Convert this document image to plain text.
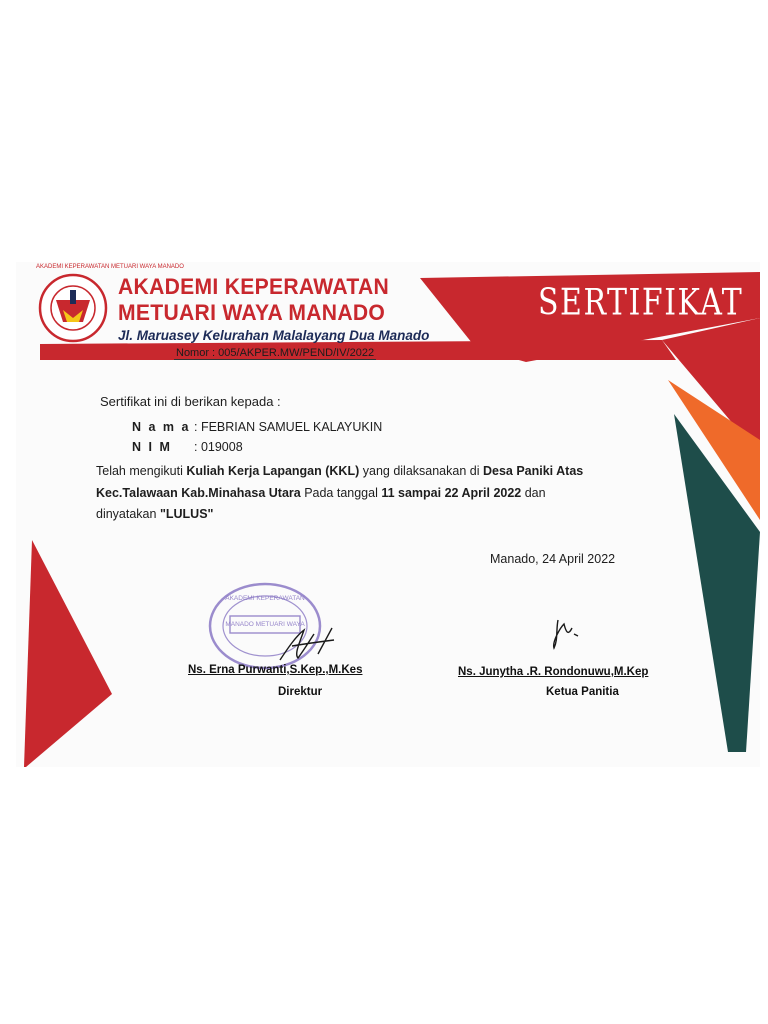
AKADEMI KEPERAWATAN METUARI WAYA MANADO
AKADEMI KEPERAWATAN
METUARI WAYA MANADO
Jl. Maruasey Kelurahan Malalayang Dua Manado
Nomor : 005/AKPER.MW/PEND/IV/2022
SERTIFIKAT
Sertifikat ini di berikan kepada :
N a m a : FEBRIAN SAMUEL KALAYUKIN
N I M : 019008
Telah mengikuti Kuliah Kerja Lapangan (KKL) yang dilaksanakan di Desa Paniki Atas
Kec.Talawaan Kab.Minahasa Utara Pada tanggal 11 sampai 22 April 2022 dan
dinyatakan "LULUS"
Manado, 24 April 2022
AKADEMI KEPERAWATAN MANADO METUARI WAYA
Ns. Erna Purwanti,S.Kep.,M.Kes
Direktur
Ns. Junytha .R. Rondonuwu,M.Kep
Ketua Panitia
